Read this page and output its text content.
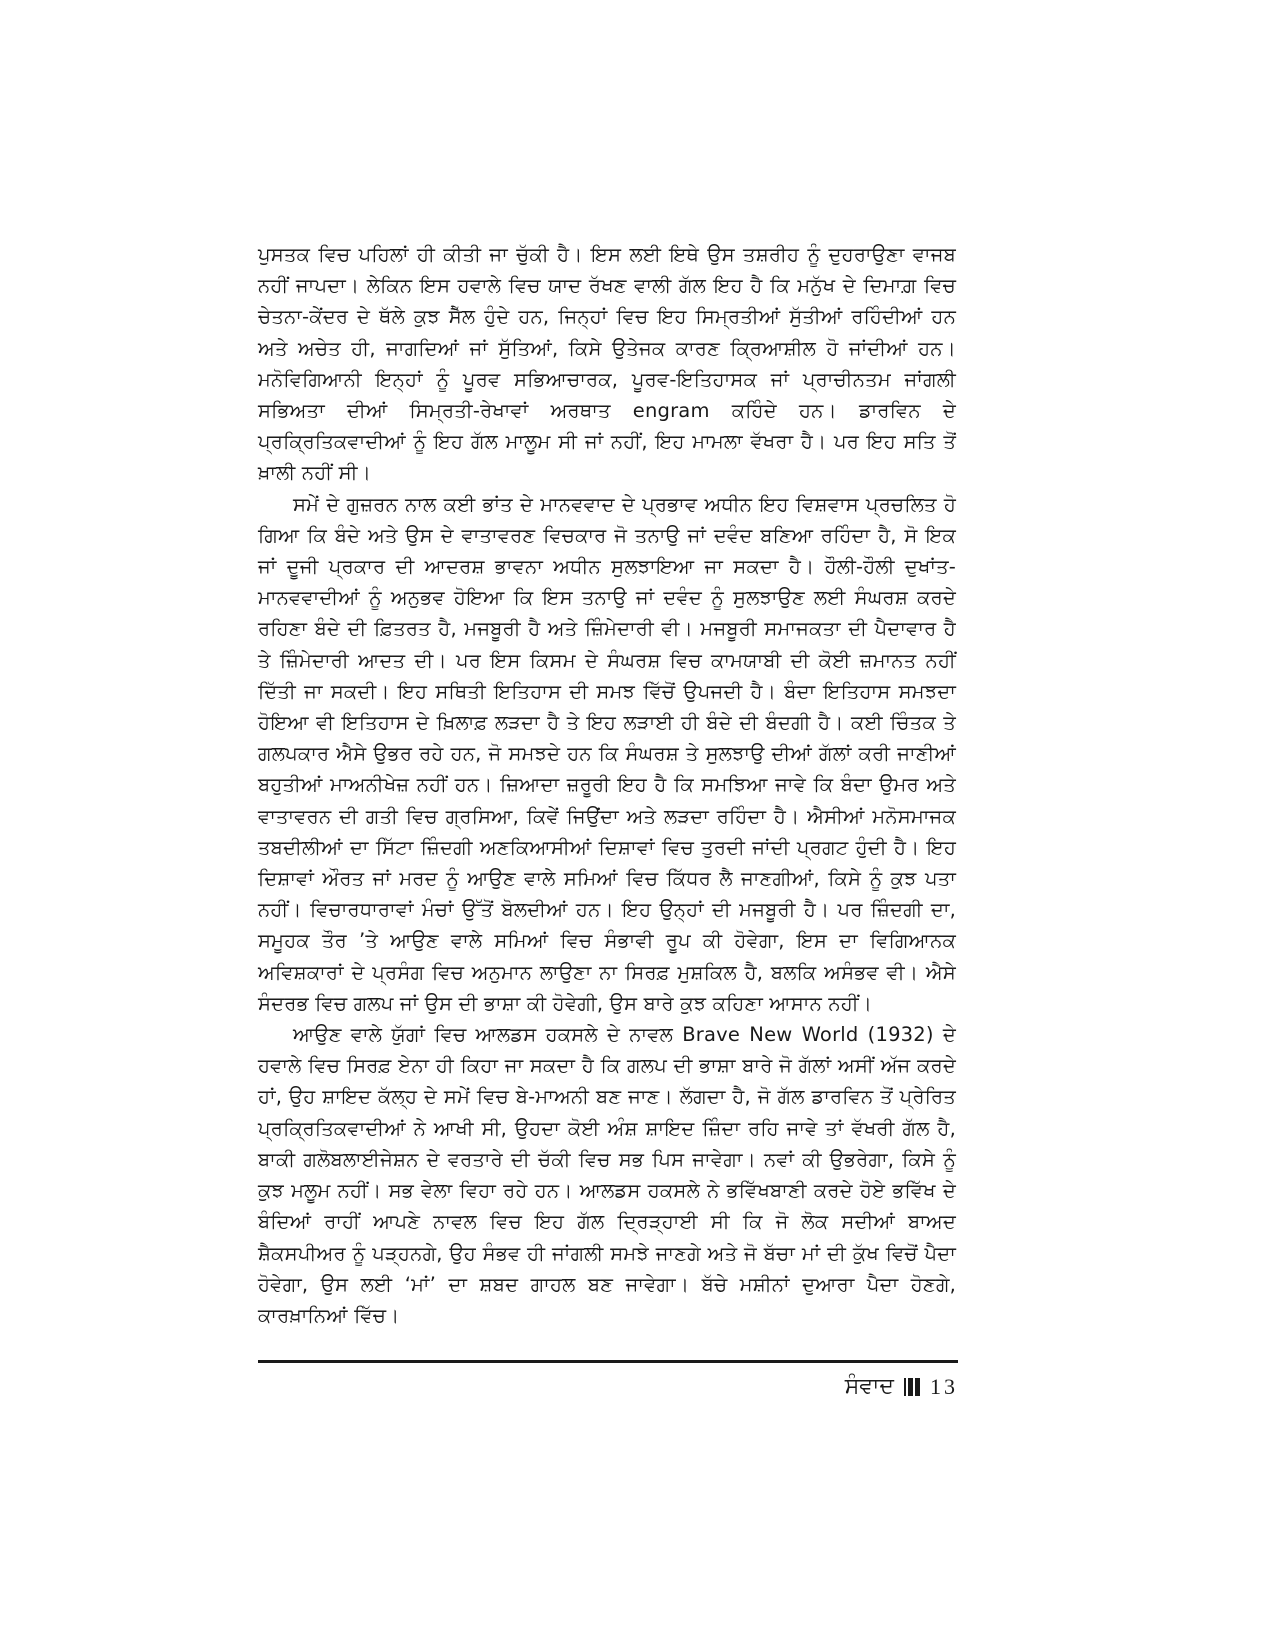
ਪੁਸਤਕ ਵਿਚ ਪਹਿਲਾਂ ਹੀ ਕੀਤੀ ਜਾ ਚੁੱਕੀ ਹੈ। ਇਸ ਲਈ ਇਥੇ ਉਸ ਤਸ਼ਰੀਹ ਨੂੰ ਦੁਹਰਾਉਣਾ ਵਾਜਬ ਨਹੀਂ ਜਾਪਦਾ। ਲੇਕਿਨ ਇਸ ਹਵਾਲੇ ਵਿਚ ਯਾਦ ਰੱਖਣ ਵਾਲੀ ਗੱਲ ਇਹ ਹੈ ਕਿ ਮਨੁੱਖ ਦੇ ਦਿਮਾਗ਼ ਵਿਚ ਚੇਤਨਾ-ਕੇਂਦਰ ਦੇ ਥੱਲੇ ਕੁਝ ਸੈੱਲ ਹੁੰਦੇ ਹਨ, ਜਿਨ੍ਹਾਂ ਵਿਚ ਇਹ ਸਿਮ੍ਰਤੀਆਂ ਸੁੱਤੀਆਂ ਰਹਿੰਦੀਆਂ ਹਨ ਅਤੇ ਅਚੇਤ ਹੀ, ਜਾਗਦਿਆਂ ਜਾਂ ਸੁੱਤਿਆਂ, ਕਿਸੇ ਉਤੇਜਕ ਕਾਰਣ ਕ੍ਰਿਆਸ਼ੀਲ ਹੋ ਜਾਂਦੀਆਂ ਹਨ। ਮਨੋਵਿਗਿਆਨੀ ਇਨ੍ਹਾਂ ਨੂੰ ਪੂਰਵ ਸਭਿਆਚਾਰਕ, ਪੂਰਵ-ਇਤਿਹਾਸਕ ਜਾਂ ਪ੍ਰਾਚੀਨਤਮ ਜਾਂਗਲੀ ਸਭਿਅਤਾ ਦੀਆਂ ਸਿਮ੍ਰਤੀ-ਰੇਖਾਵਾਂ ਅਰਥਾਤ engram ਕਹਿੰਦੇ ਹਨ। ਡਾਰਵਿਨ ਦੇ ਪ੍ਰਕ੍ਰਿਤਿਕਵਾਦੀਆਂ ਨੂੰ ਇਹ ਗੱਲ ਮਾਲੂਮ ਸੀ ਜਾਂ ਨਹੀਂ, ਇਹ ਮਾਮਲਾ ਵੱਖਰਾ ਹੈ। ਪਰ ਇਹ ਸਤਿ ਤੋਂ ਖ਼ਾਲੀ ਨਹੀਂ ਸੀ।

ਸਮੇਂ ਦੇ ਗੁਜ਼ਰਨ ਨਾਲ ਕਈ ਭਾਂਤ ਦੇ ਮਾਨਵਵਾਦ ਦੇ ਪ੍ਰਭਾਵ ਅਧੀਨ ਇਹ ਵਿਸ਼ਵਾਸ ਪ੍ਰਚਲਿਤ ਹੋ ਗਿਆ ਕਿ ਬੰਦੇ ਅਤੇ ਉਸ ਦੇ ਵਾਤਾਵਰਣ ਵਿਚਕਾਰ ਜੋ ਤਨਾਉ ਜਾਂ ਦਵੰਦ ਬਣਿਆ ਰਹਿੰਦਾ ਹੈ, ਸੋ ਇਕ ਜਾਂ ਦੂਜੀ ਪ੍ਰਕਾਰ ਦੀ ਆਦਰਸ਼ ਭਾਵਨਾ ਅਧੀਨ ਸੁਲਝਾਇਆ ਜਾ ਸਕਦਾ ਹੈ। ਹੌਲੀ-ਹੌਲੀ ਦੁਖਾਂਤ-ਮਾਨਵਵਾਦੀਆਂ ਨੂੰ ਅਨੁਭਵ ਹੋਇਆ ਕਿ ਇਸ ਤਨਾਉ ਜਾਂ ਦਵੰਦ ਨੂੰ ਸੁਲਝਾਉਣ ਲਈ ਸੰਘਰਸ਼ ਕਰਦੇ ਰਹਿਣਾ ਬੰਦੇ ਦੀ ਫ਼ਿਤਰਤ ਹੈ, ਮਜਬੂਰੀ ਹੈ ਅਤੇ ਜ਼ਿੰਮੇਦਾਰੀ ਵੀ। ਮਜਬੂਰੀ ਸਮਾਜਕਤਾ ਦੀ ਪੈਦਾਵਾਰ ਹੈ ਤੇ ਜ਼ਿੰਮੇਦਾਰੀ ਆਦਤ ਦੀ। ਪਰ ਇਸ ਕਿਸਮ ਦੇ ਸੰਘਰਸ਼ ਵਿਚ ਕਾਮਯਾਬੀ ਦੀ ਕੋਈ ਜ਼ਮਾਨਤ ਨਹੀਂ ਦਿੱਤੀ ਜਾ ਸਕਦੀ। ਇਹ ਸਥਿਤੀ ਇਤਿਹਾਸ ਦੀ ਸਮਝ ਵਿੱਚੋਂ ਉਪਜਦੀ ਹੈ। ਬੰਦਾ ਇਤਿਹਾਸ ਸਮਝਦਾ ਹੋਇਆ ਵੀ ਇਤਿਹਾਸ ਦੇ ਖ਼ਿਲਾਫ਼ ਲੜਦਾ ਹੈ ਤੇ ਇਹ ਲੜਾਈ ਹੀ ਬੰਦੇ ਦੀ ਬੰਦਗੀ ਹੈ। ਕਈ ਚਿੰਤਕ ਤੇ ਗਲਪਕਾਰ ਐਸੇ ਉਭਰ ਰਹੇ ਹਨ, ਜੋ ਸਮਝਦੇ ਹਨ ਕਿ ਸੰਘਰਸ਼ ਤੇ ਸੁਲਝਾਉ ਦੀਆਂ ਗੱਲਾਂ ਕਰੀ ਜਾਣੀਆਂ ਬਹੁਤੀਆਂ ਮਾਅਨੀਖੇਜ਼ ਨਹੀਂ ਹਨ। ਜ਼ਿਆਦਾ ਜ਼ਰੂਰੀ ਇਹ ਹੈ ਕਿ ਸਮਝਿਆ ਜਾਵੇ ਕਿ ਬੰਦਾ ਉਮਰ ਅਤੇ ਵਾਤਾਵਰਨ ਦੀ ਗਤੀ ਵਿਚ ਗ੍ਰਸਿਆ, ਕਿਵੇਂ ਜਿਉਂਦਾ ਅਤੇ ਲੜਦਾ ਰਹਿੰਦਾ ਹੈ। ਐਸੀਆਂ ਮਨੋਸਮਾਜਕ ਤਬਦੀਲੀਆਂ ਦਾ ਸਿੱਟਾ ਜ਼ਿੰਦਗੀ ਅਣਕਿਆਸੀਆਂ ਦਿਸ਼ਾਵਾਂ ਵਿਚ ਤੁਰਦੀ ਜਾਂਦੀ ਪ੍ਰਗਟ ਹੁੰਦੀ ਹੈ। ਇਹ ਦਿਸ਼ਾਵਾਂ ਔਰਤ ਜਾਂ ਮਰਦ ਨੂੰ ਆਉਣ ਵਾਲੇ ਸਮਿਆਂ ਵਿਚ ਕਿੱਧਰ ਲੈ ਜਾਣਗੀਆਂ, ਕਿਸੇ ਨੂੰ ਕੁਝ ਪਤਾ ਨਹੀਂ। ਵਿਚਾਰਧਾਰਾਵਾਂ ਮੰਚਾਂ ਉੱਤੋਂ ਬੋਲਦੀਆਂ ਹਨ। ਇਹ ਉਨ੍ਹਾਂ ਦੀ ਮਜਬੂਰੀ ਹੈ। ਪਰ ਜ਼ਿੰਦਗੀ ਦਾ, ਸਮੂਹਕ ਤੌਰ ’ਤੇ ਆਉਣ ਵਾਲੇ ਸਮਿਆਂ ਵਿਚ ਸੰਭਾਵੀ ਰੂਪ ਕੀ ਹੋਵੇਗਾ, ਇਸ ਦਾ ਵਿਗਿਆਨਕ ਅਵਿਸ਼ਕਾਰਾਂ ਦੇ ਪ੍ਰਸੰਗ ਵਿਚ ਅਨੁਮਾਨ ਲਾਉਣਾ ਨਾ ਸਿਰਫ਼ ਮੁਸ਼ਕਿਲ ਹੈ, ਬਲਕਿ ਅਸੰਭਵ ਵੀ। ਐਸੇ ਸੰਦਰਭ ਵਿਚ ਗਲਪ ਜਾਂ ਉਸ ਦੀ ਭਾਸ਼ਾ ਕੀ ਹੋਵੇਗੀ, ਉਸ ਬਾਰੇ ਕੁਝ ਕਹਿਣਾ ਆਸਾਨ ਨਹੀਂ।

ਆਉਣ ਵਾਲੇ ਯੁੱਗਾਂ ਵਿਚ ਆਲਡਸ ਹਕਸਲੇ ਦੇ ਨਾਵਲ Brave New World (1932) ਦੇ ਹਵਾਲੇ ਵਿਚ ਸਿਰਫ਼ ਏਨਾ ਹੀ ਕਿਹਾ ਜਾ ਸਕਦਾ ਹੈ ਕਿ ਗਲਪ ਦੀ ਭਾਸ਼ਾ ਬਾਰੇ ਜੋ ਗੱਲਾਂ ਅਸੀਂ ਅੱਜ ਕਰਦੇ ਹਾਂ, ਉਹ ਸ਼ਾਇਦ ਕੱਲ੍ਹ ਦੇ ਸਮੇਂ ਵਿਚ ਬੇ-ਮਾਅਨੀ ਬਣ ਜਾਣ। ਲੱਗਦਾ ਹੈ, ਜੋ ਗੱਲ ਡਾਰਵਿਨ ਤੋਂ ਪ੍ਰੇਰਿਤ ਪ੍ਰਕ੍ਰਿਤਿਕਵਾਦੀਆਂ ਨੇ ਆਖੀ ਸੀ, ਉਹਦਾ ਕੋਈ ਅੰਸ਼ ਸ਼ਾਇਦ ਜ਼ਿੰਦਾ ਰਹਿ ਜਾਵੇ ਤਾਂ ਵੱਖਰੀ ਗੱਲ ਹੈ, ਬਾਕੀ ਗਲੋਬਲਾਈਜੇਸ਼ਨ ਦੇ ਵਰਤਾਰੇ ਦੀ ਚੱਕੀ ਵਿਚ ਸਭ ਪਿਸ ਜਾਵੇਗਾ। ਨਵਾਂ ਕੀ ਉਭਰੇਗਾ, ਕਿਸੇ ਨੂੰ ਕੁਝ ਮਲੂਮ ਨਹੀਂ। ਸਭ ਵੇਲਾ ਵਿਹਾ ਰਹੇ ਹਨ। ਆਲਡਸ ਹਕਸਲੇ ਨੇ ਭਵਿੱਖਬਾਣੀ ਕਰਦੇ ਹੋਏ ਭਵਿੱਖ ਦੇ ਬੰਦਿਆਂ ਰਾਹੀਂ ਆਪਣੇ ਨਾਵਲ ਵਿਚ ਇਹ ਗੱਲ ਦ੍ਰਿੜ੍ਹਾਈ ਸੀ ਕਿ ਜੋ ਲੋਕ ਸਦੀਆਂ ਬਾਅਦ ਸ਼ੈਕਸਪੀਅਰ ਨੂੰ ਪੜ੍ਹਨਗੇ, ਉਹ ਸੰਭਵ ਹੀ ਜਾਂਗਲੀ ਸਮਝੇ ਜਾਣਗੇ ਅਤੇ ਜੋ ਬੱਚਾ ਮਾਂ ਦੀ ਕੁੱਖ ਵਿਚੋਂ ਪੈਦਾ ਹੋਵੇਗਾ, ਉਸ ਲਈ ‘ਮਾਂ’ ਦਾ ਸ਼ਬਦ ਗਾਹਲ ਬਣ ਜਾਵੇਗਾ। ਬੱਚੇ ਮਸ਼ੀਨਾਂ ਦੁਆਰਾ ਪੈਦਾ ਹੋਣਗੇ, ਕਾਰਖ਼ਾਨਿਆਂ ਵਿੱਚ।

ਸੰਵਾਦ 13
